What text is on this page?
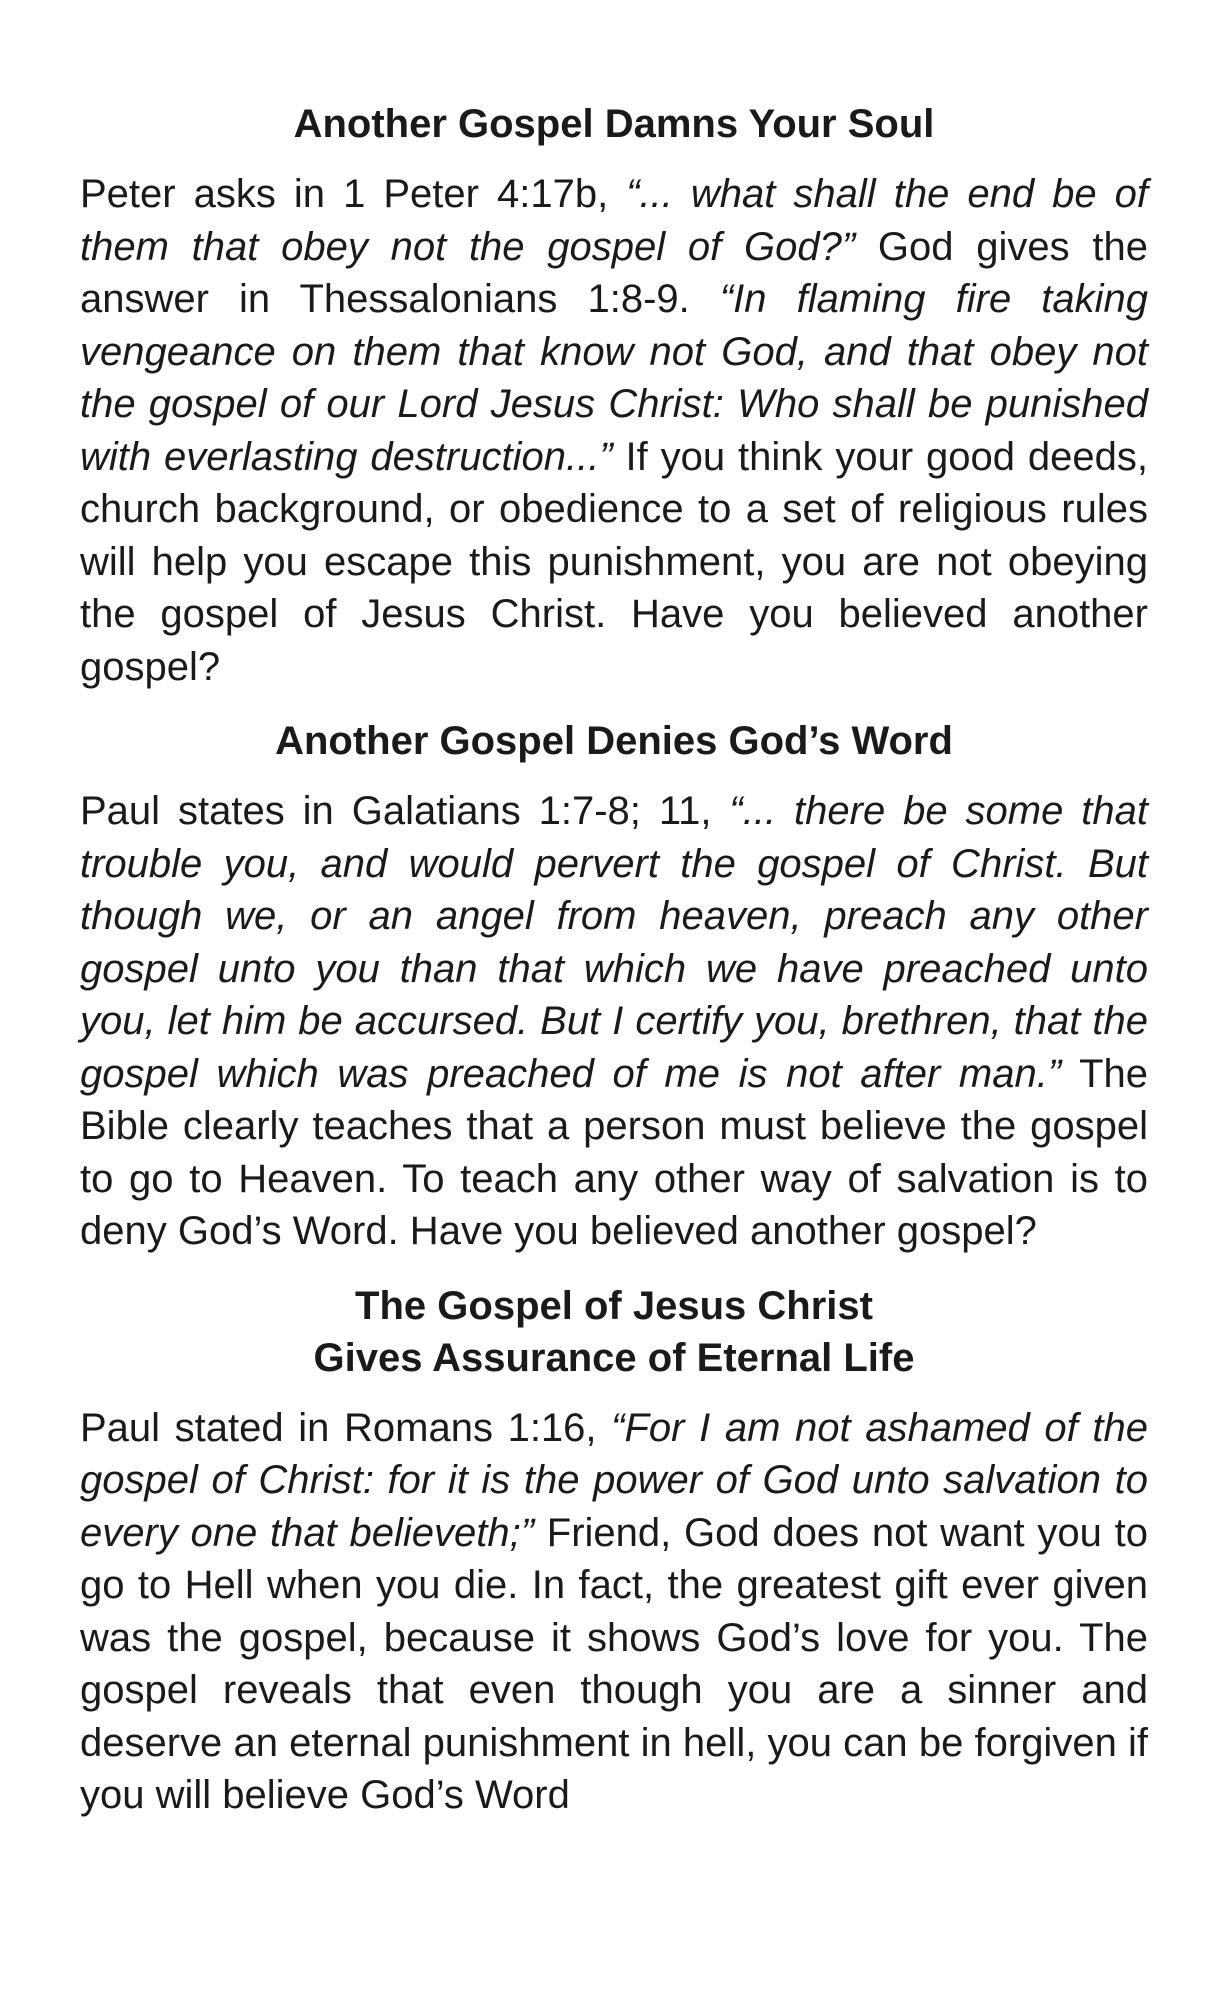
Another Gospel Damns Your Soul

Peter asks in 1 Peter 4:17b, “... what shall the end be of them that obey not the gospel of God?” God gives the answer in Thessalonians 1:8-9. “In flaming fire taking vengeance on them that know not God, and that obey not the gospel of our Lord Jesus Christ: Who shall be punished with everlasting destruction...” If you think your good deeds, church background, or obedience to a set of religious rules will help you escape this punishment, you are not obeying the gospel of Jesus Christ. Have you believed another gospel?

Another Gospel Denies God’s Word

Paul states in Galatians 1:7-8; 11, “... there be some that trouble you, and would pervert the gospel of Christ. But though we, or an angel from heaven, preach any other gospel unto you than that which we have preached unto you, let him be accursed. But I certify you, brethren, that the gospel which was preached of me is not after man.” The Bible clearly teaches that a person must believe the gospel to go to Heaven. To teach any other way of salvation is to deny God’s Word. Have you believed another gospel?

The Gospel of Jesus Christ
Gives Assurance of Eternal Life

Paul stated in Romans 1:16, “For I am not ashamed of the gospel of Christ: for it is the power of God unto salvation to every one that believeth;” Friend, God does not want you to go to Hell when you die. In fact, the greatest gift ever given was the gospel, because it shows God’s love for you. The gospel reveals that even though you are a sinner and deserve an eternal punishment in hell, you can be forgiven if you will believe God’s Word
